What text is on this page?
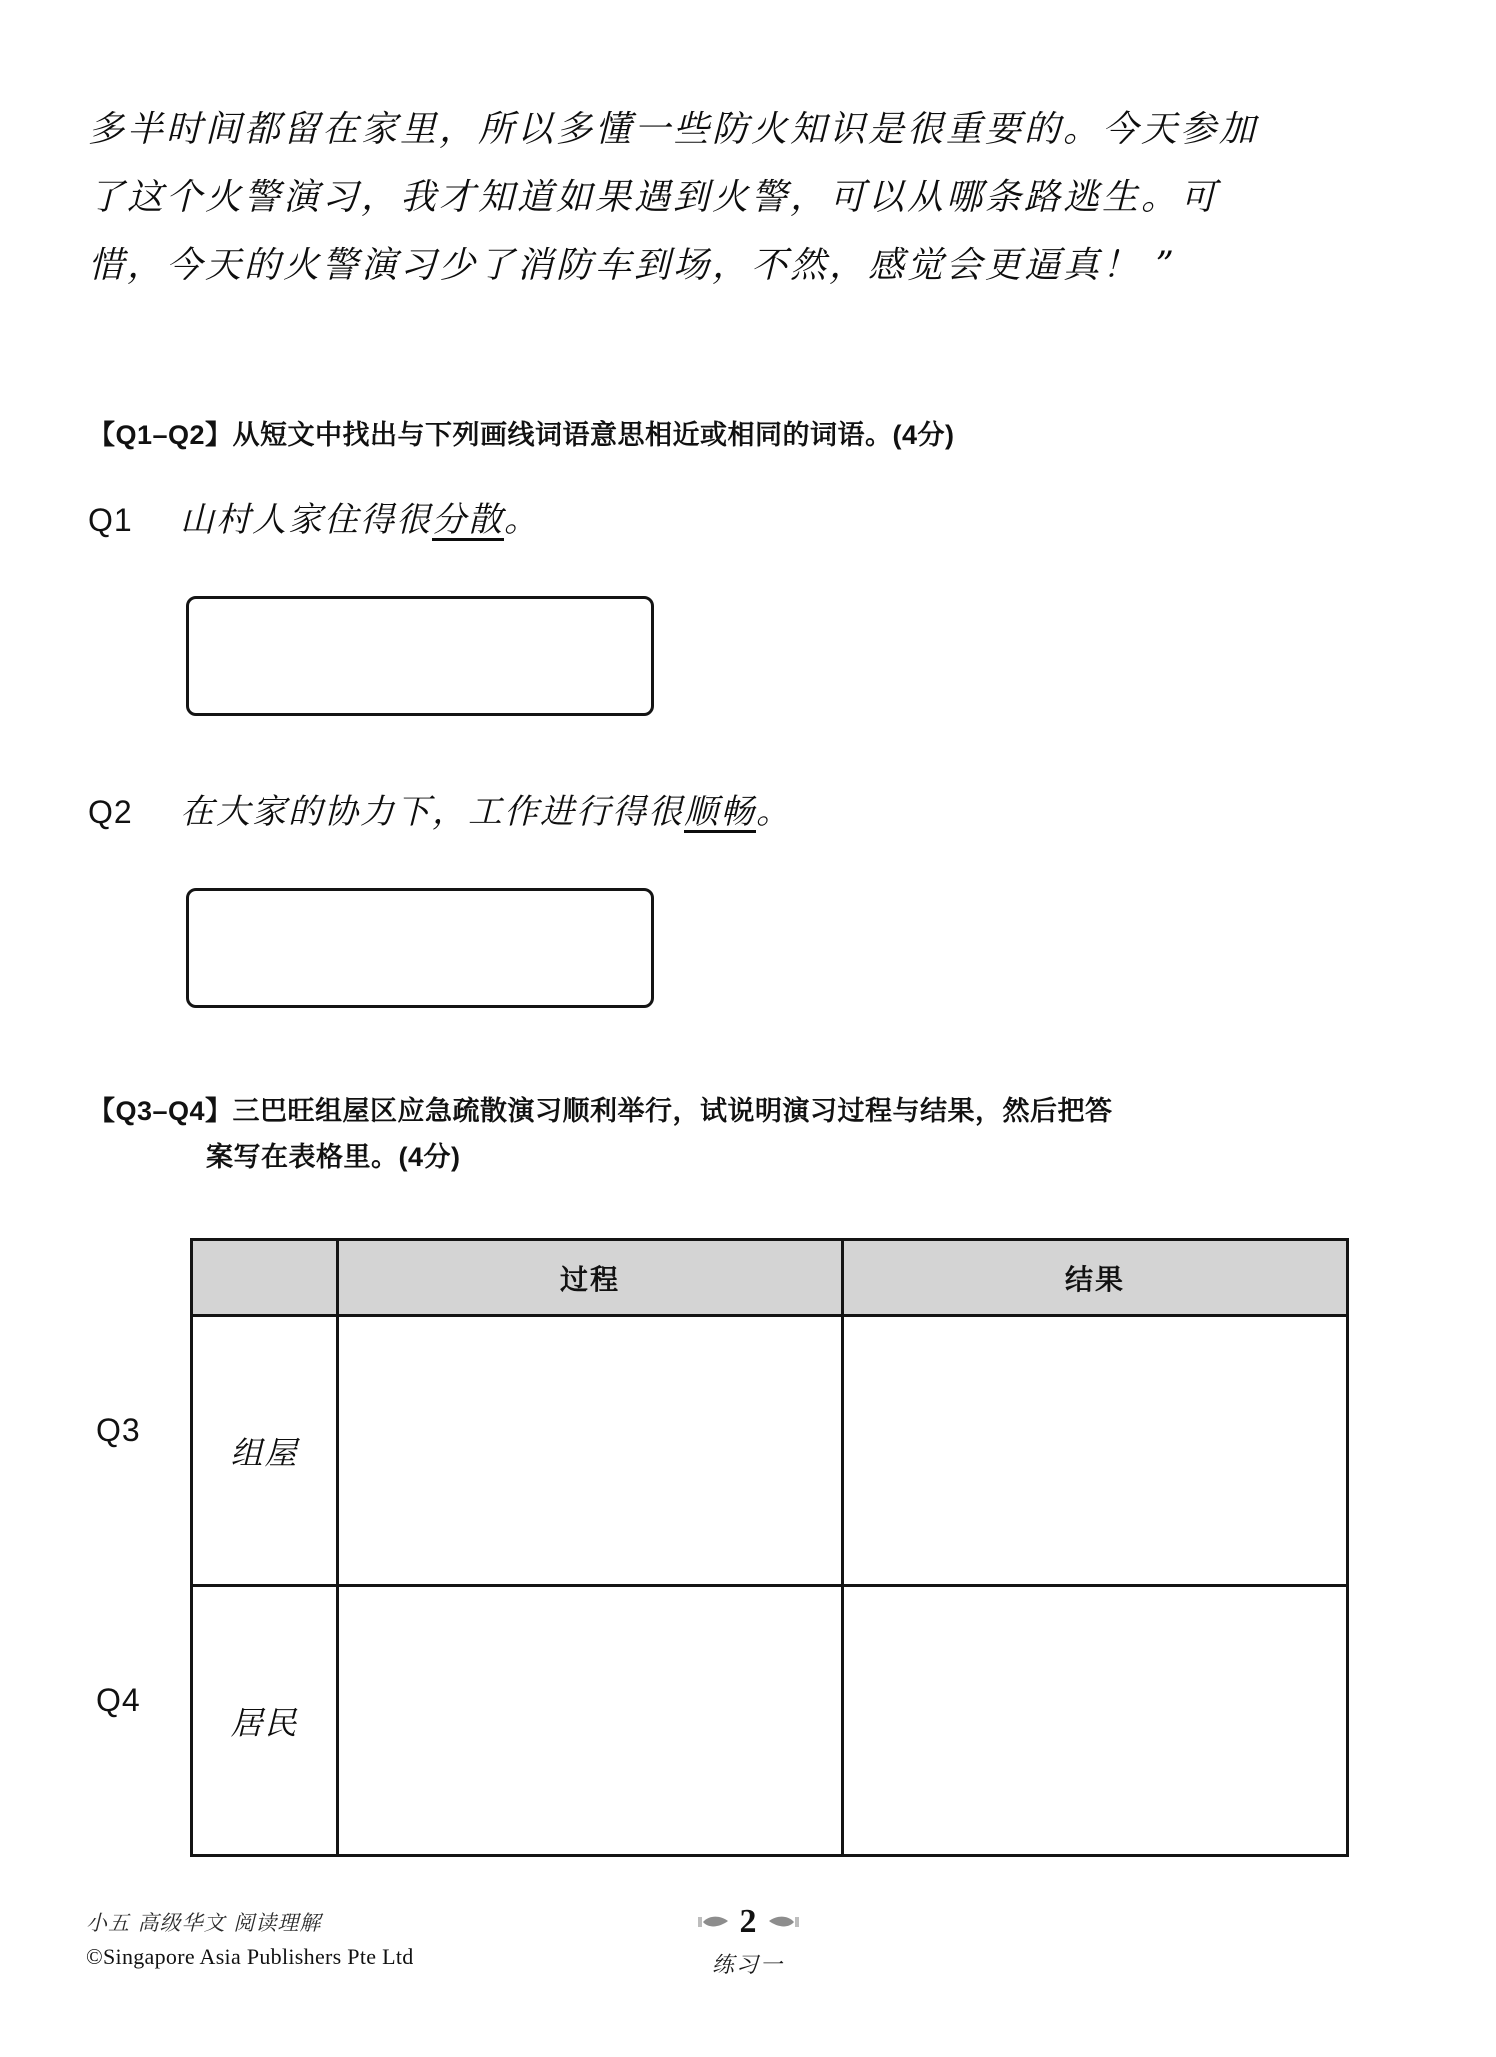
多半时间都留在家里，所以多懂一些防火知识是很重要的。今天参加
了这个火警演习，我才知道如果遇到火警，可以从哪条路逃生。可
惜，今天的火警演习少了消防车到场，不然，感觉会更逼真！ ”
【Q1–Q2】从短文中找出与下列画线词语意思相近或相同的词语。(4分)
Q1	山村人家住得很分散。
Q2	在大家的协力下，工作进行得很顺畅。
【Q3–Q4】三巴旺组屋区应急疏散演习顺利举行，试说明演习过程与结果，然后把答
案写在表格里。(4分)
Q3
Q4
	过程	结果
组屋		
居民		
小五 高级华文 阅读理解
©Singapore Asia Publishers Pte Ltd
2
练习一
